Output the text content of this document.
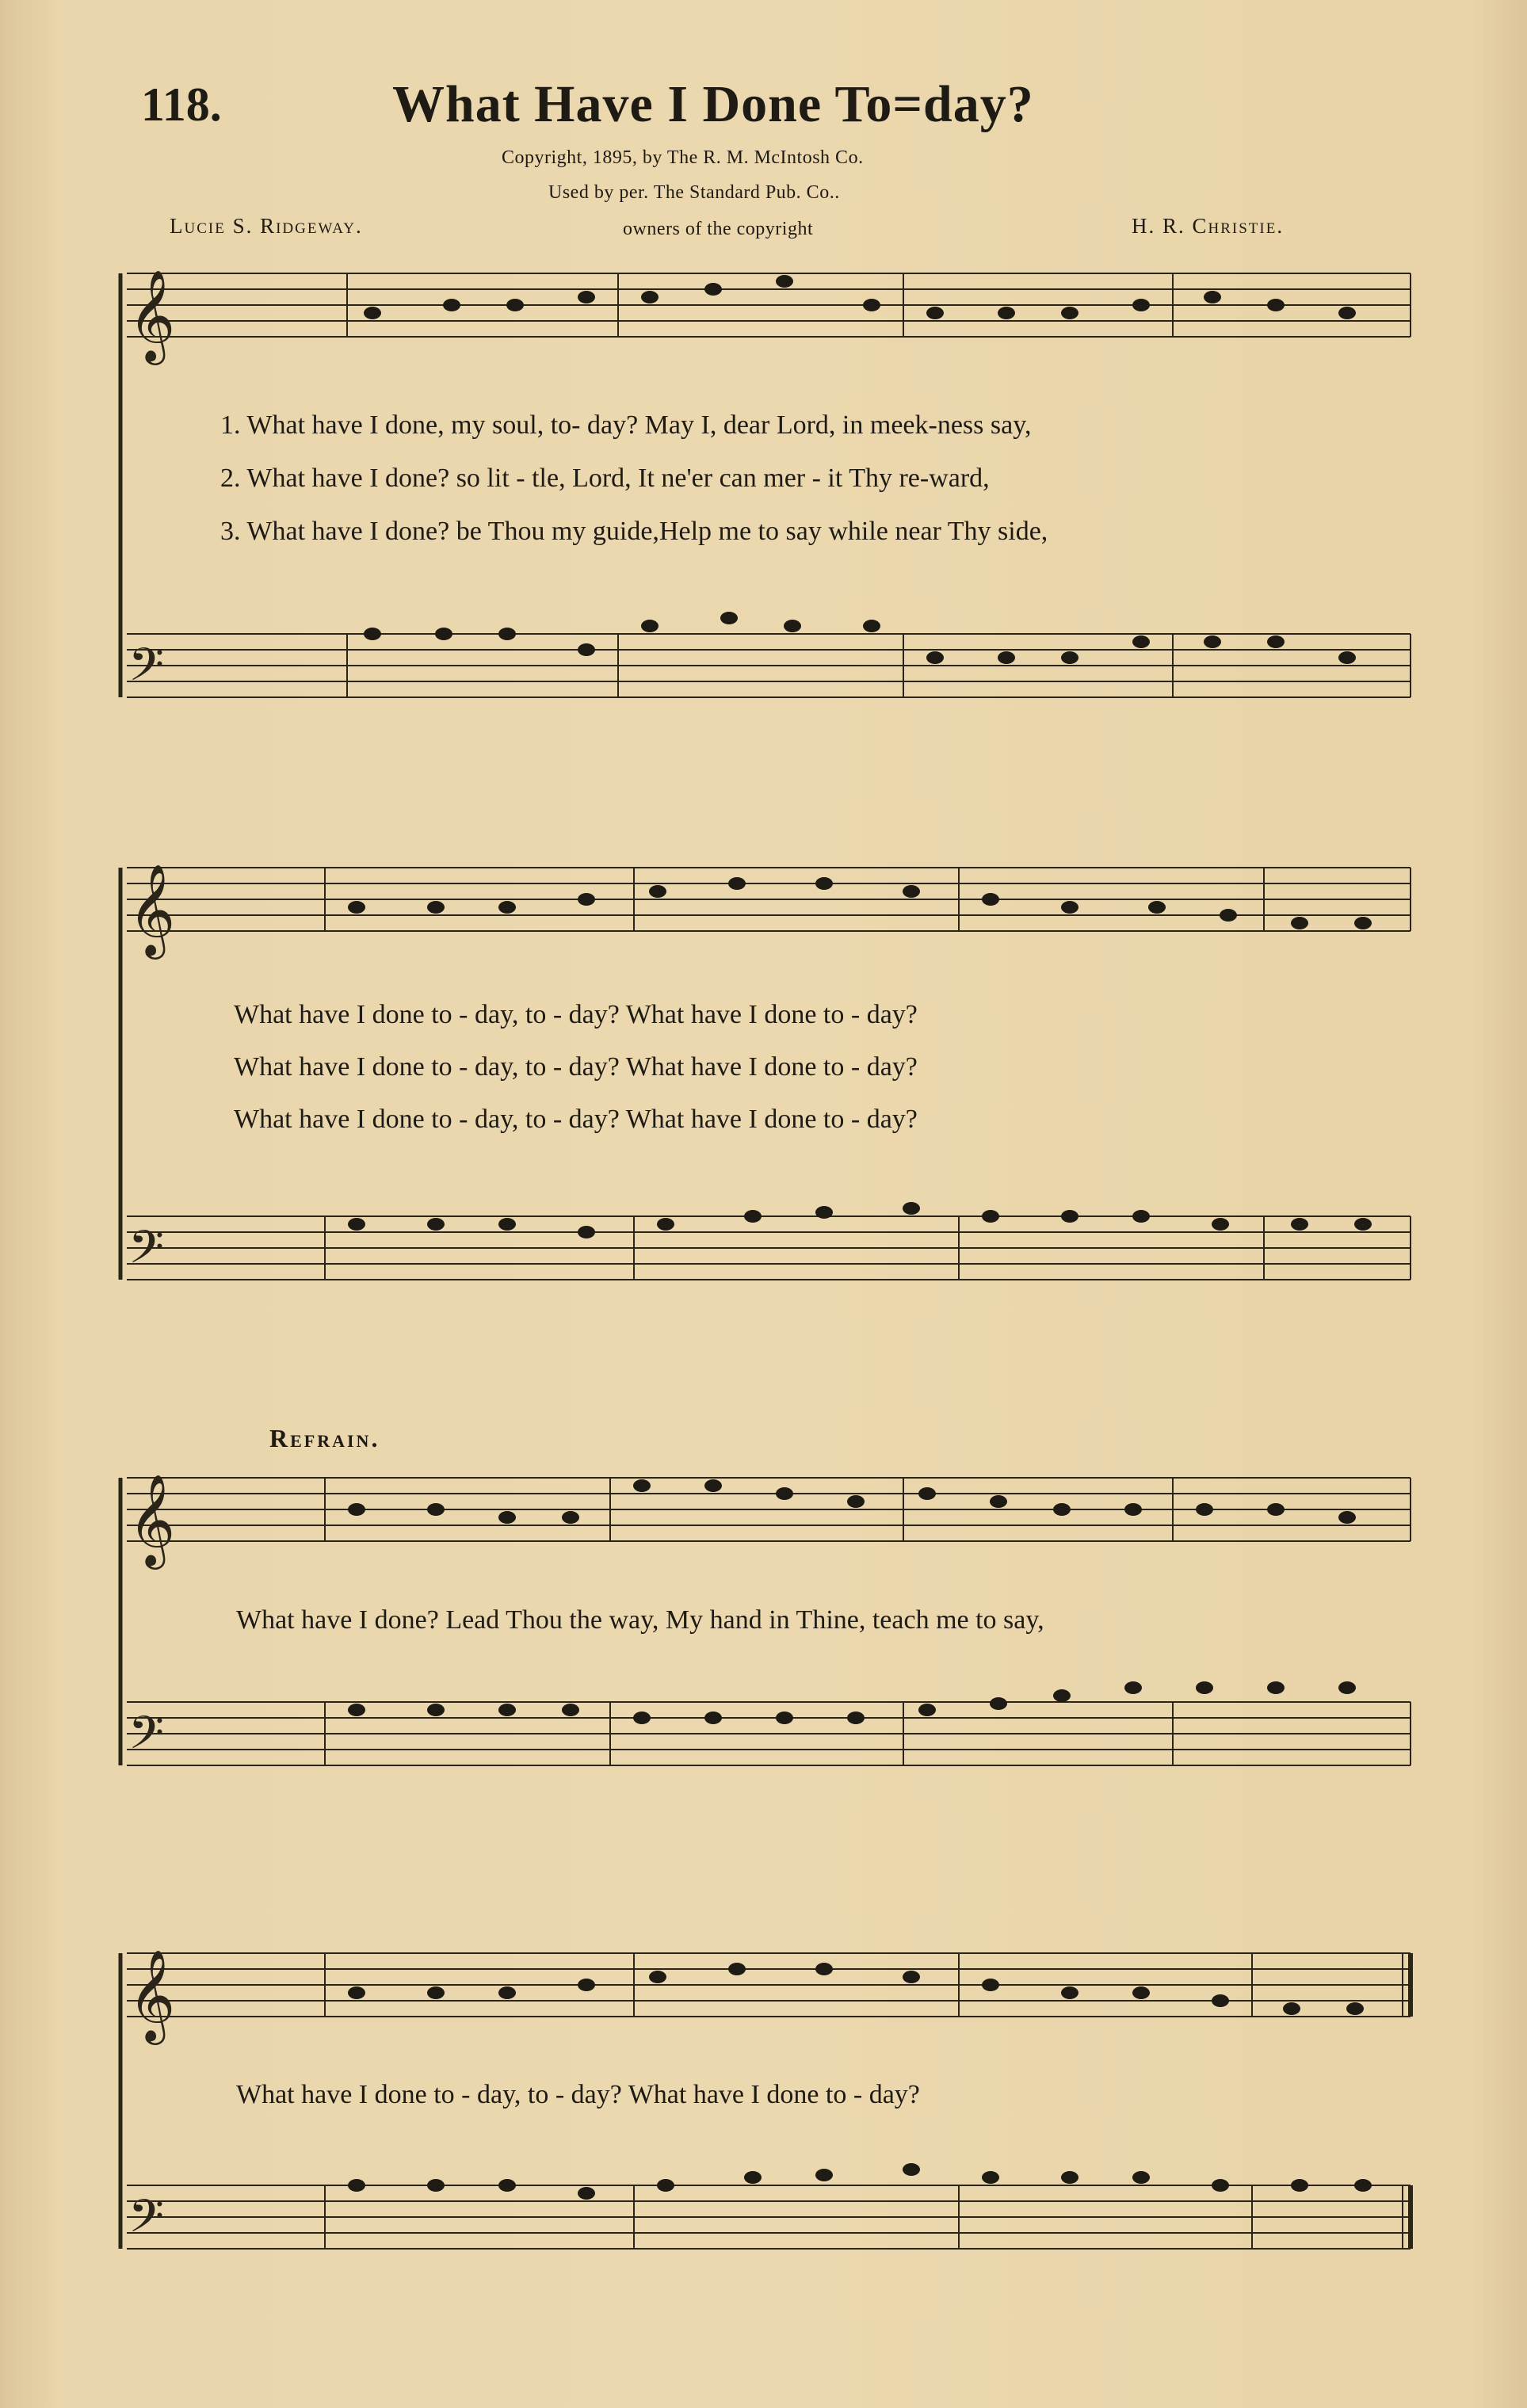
118.	What Have I Done To=day?
Copyright, 1895, by The R. M. McIntosh Co.
Used by per. The Standard Pub. Co..
owners of the copyright
Lucie S. Ridgeway.	H. R. Christie.
Refrain.
1. What have I done, my soul, to- day? May I, dear Lord, in meek-ness say,
2. What have I done? so lit - tle, Lord, It ne'er can mer - it Thy re-ward,
3. What have I done? be Thou my guide,Help me to say while near Thy side,
What have I done to - day, to - day? What have I done to - day?
What have I done to - day, to - day? What have I done to - day?
What have I done to - day, to - day? What have I done to - day?
What have I done? Lead Thou the way, My hand in Thine, teach me to say,
What have I done to - day, to - day? What have I done to - day?
𝄞
𝄢
𝄞
𝄢
𝄞
𝄢
𝄞
𝄢
